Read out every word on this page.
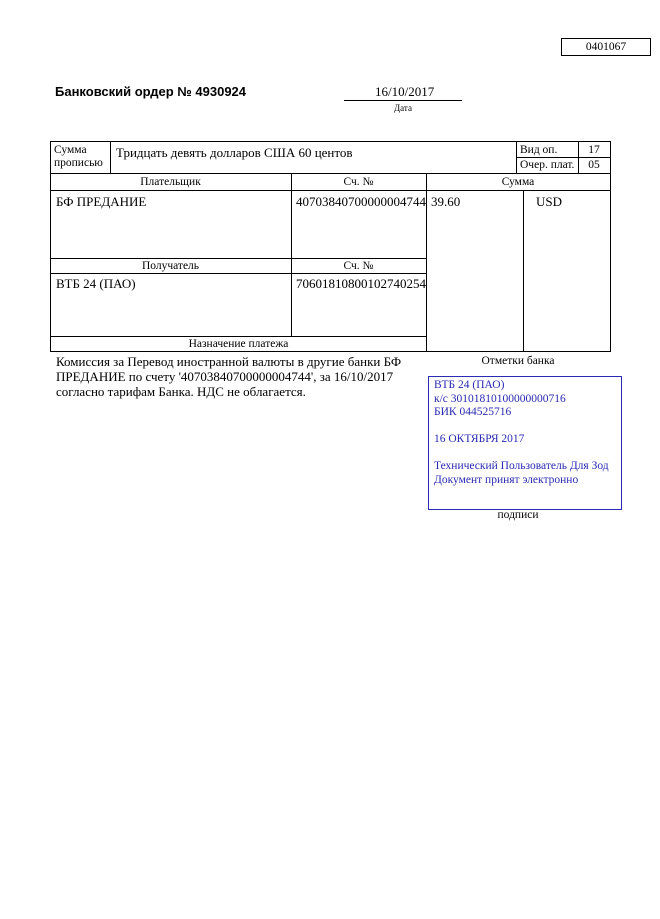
0401067
Банковский ордер № 4930924	16/10/2017
Дата
Сумма прописью
Тридцать девять долларов США 60 центов	Вид оп.	17
Очер. плат.	05
Плательщик	Сч. №	Сумма
БФ ПРЕДАНИЕ	40703840700000004744 39.60	USD
Получатель	Сч. №
ВТБ 24 (ПАО)	70601810800102740254
Назначение платежа
Комиссия за Перевод иностранной валюты в другие банки БФ ПРЕДАНИЕ по счету '40703840700000004744', за 16/10/2017 согласно тарифам Банка. НДС не облагается.
Отметки банка
ВТБ 24 (ПАО)
к/с 30101810100000000716
БИК 044525716
16 ОКТЯБРЯ 2017
Технический Пользователь Для Зод
Документ принят электронно
подписи
